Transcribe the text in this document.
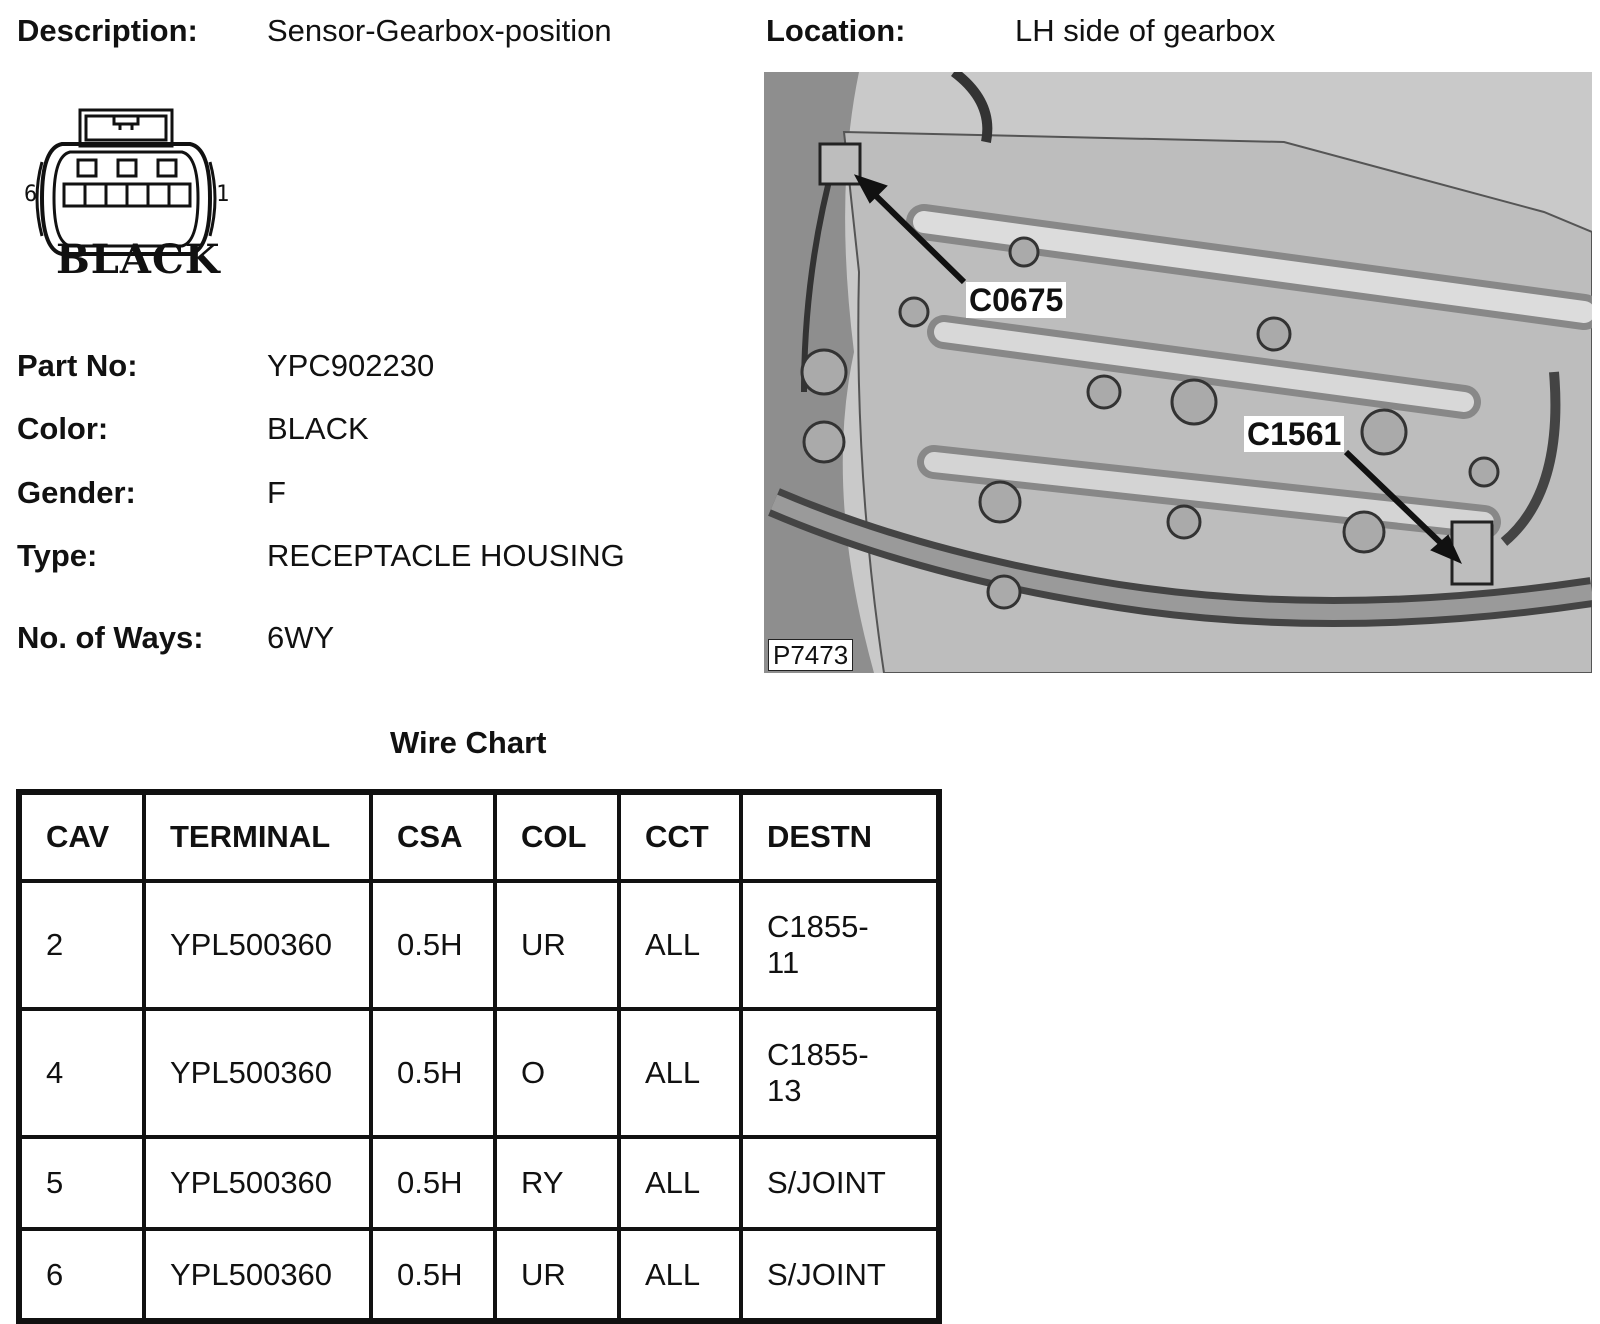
Description: Sensor-Gearbox-position	Location:	LH side of gearbox
6	1
BLACK
Part No:	YPC902230
Color:	BLACK
Gender:	F
Type:	RECEPTACLE HOUSING
No. of Ways: 6WY
C0675
C1561
P7473
Wire Chart
CAV	TERMINAL	CSA	COL	CCT	DESTN
2	YPL500360	0.5H	UR	ALL	C1855-
11
4	YPL500360	0.5H	O	ALL	C1855-
13
5	YPL500360	0.5H	RY	ALL	S/JOINT
6	YPL500360	0.5H	UR	ALL	S/JOINT
